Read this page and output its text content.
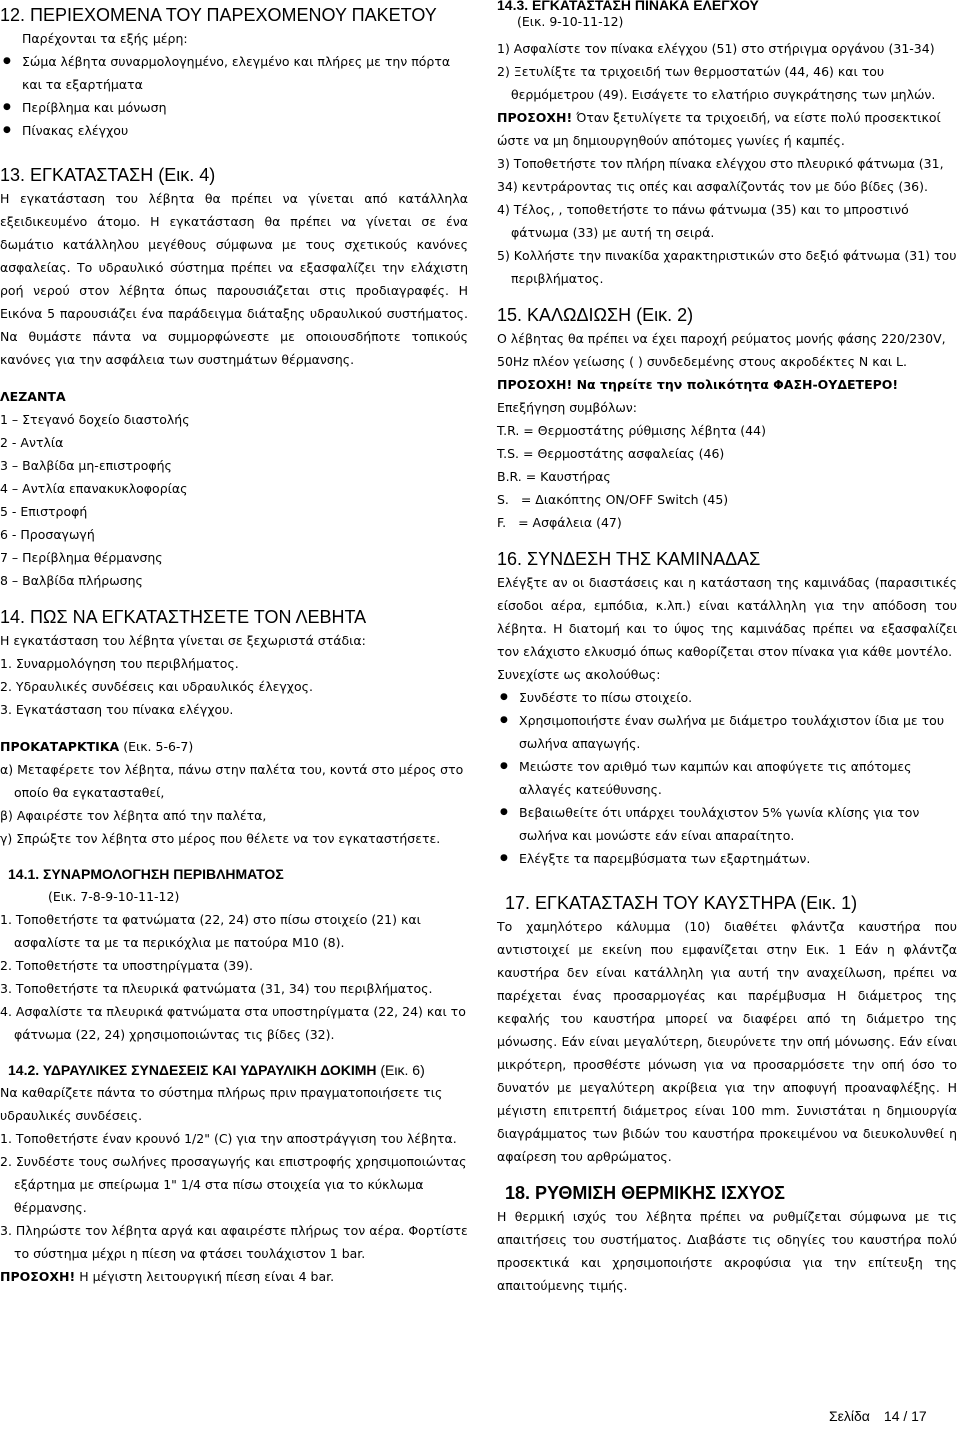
12. ΠΕΡΙΕΧΟΜΕΝΑ ΤΟΥ ΠΑΡΕΧΟΜΕΝΟΥ ΠΑΚΕΤΟΥ

Παρέχονται τα εξής μέρη:

● Σώμα λέβητα συναρμολογημένο, ελεγμένο και πλήρες με την πόρτα και τα εξαρτήματα

● Περίβλημα και μόνωση

● Πίνακας ελέγχου

13. ΕΓΚΑΤΑΣΤΑΣΗ (Εικ. 4)

Η εγκατάσταση του λέβητα θα πρέπει να γίνεται από κατάλληλα εξειδικευμένο άτομο. Η εγκατάσταση θα πρέπει να γίνεται σε ένα δωμάτιο κατάλληλου μεγέθους σύμφωνα με τους σχετικούς κανόνες ασφαλείας. Το υδραυλικό σύστημα πρέπει να εξασφαλίζει την ελάχιστη ροή νερού στον λέβητα όπως παρουσιάζεται στις προδιαγραφές. Η Εικόνα 5 παρουσιάζει ένα παράδειγμα διάταξης υδραυλικού συστήματος. Να θυμάστε πάντα να συμμορφώνεστε με οποιουσδήποτε τοπικούς κανόνες για την ασφάλεια των συστημάτων θέρμανσης.

ΛΕΖΑΝΤΑ

1 – Στεγανό δοχείο διαστολής

2 - Αντλία

3 – Βαλβίδα μη-επιστροφής

4 – Αντλία επανακυκλοφορίας

5 - Επιστροφή

6 - Προσαγωγή

7 – Περίβλημα θέρμανσης

8 – Βαλβίδα πλήρωσης

14. ΠΩΣ ΝΑ ΕΓΚΑΤΑΣΤΗΣΕΤΕ ΤΟΝ ΛΕΒΗΤΑ

Η εγκατάσταση του λέβητα γίνεται σε ξεχωριστά στάδια:

1. Συναρμολόγηση του περιβλήματος.

2. Υδραυλικές συνδέσεις και υδραυλικός έλεγχος.

3. Εγκατάσταση του πίνακα ελέγχου.

ΠΡΟΚΑΤΑΡΚΤΙΚΑ (Εικ. 5-6-7)

α) Μεταφέρετε τον λέβητα, πάνω στην παλέτα του, κοντά στο μέρος στο οποίο θα εγκατασταθεί,

β) Αφαιρέστε τον λέβητα από την παλέτα,

γ) Σπρώξτε τον λέβητα στο μέρος που θέλετε να τον εγκαταστήσετε.

14.1. ΣΥΝΑΡΜΟΛΟΓΗΣΗ ΠΕΡΙΒΛΗΜΑΤΟΣ

(Εικ. 7-8-9-10-11-12)

1. Τοποθετήστε τα φατνώματα (22, 24) στο πίσω στοιχείο (21) και ασφαλίστε τα με τα περικόχλια με πατούρα M10 (8).

2. Τοποθετήστε τα υποστηρίγματα (39).

3. Τοποθετήστε τα πλευρικά φατνώματα (31, 34) του περιβλήματος.

4. Ασφαλίστε τα πλευρικά φατνώματα στα υποστηρίγματα (22, 24) και το φάτνωμα (22, 24) χρησιμοποιώντας τις βίδες (32).

14.2. ΥΔΡΑΥΛΙΚΕΣ ΣΥΝΔΕΣΕΙΣ ΚΑΙ ΥΔΡΑΥΛΙΚΗ ΔΟΚΙΜΗ (Εικ. 6)

Να καθαρίζετε πάντα το σύστημα πλήρως πριν πραγματοποιήσετε τις υδραυλικές συνδέσεις.

1. Τοποθετήστε έναν κρουνό 1/2" (C) για την αποστράγγιση του λέβητα.

2. Συνδέστε τους σωλήνες προσαγωγής και επιστροφής χρησιμοποιώντας εξάρτημα με σπείρωμα 1" 1/4 στα πίσω στοιχεία για το κύκλωμα θέρμανσης.

3. Πληρώστε τον λέβητα αργά και αφαιρέστε πλήρως τον αέρα. Φορτίστε το σύστημα μέχρι η πίεση να φτάσει τουλάχιστον 1 bar.

ΠΡΟΣΟΧΗ! Η μέγιστη λειτουργική πίεση είναι 4 bar.

14.3. ΕΓΚΑΤΑΣΤΑΣΗ ΠΙΝΑΚΑ ΕΛΕΓΧΟΥ

(Εικ. 9-10-11-12)

1) Ασφαλίστε τον πίνακα ελέγχου (51) στο στήριγμα οργάνου (31-34)

2) Ξετυλίξτε τα τριχοειδή των θερμοστατών (44, 46) και του θερμόμετρου (49). Εισάγετε το ελατήριο συγκράτησης των μηλών.

ΠΡΟΣΟΧΗ! Όταν ξετυλίγετε τα τριχοειδή, να είστε πολύ προσεκτικοί ώστε να μη δημιουργηθούν απότομες γωνίες ή καμπές.

3) Τοποθετήστε τον πλήρη πίνακα ελέγχου στο πλευρικό φάτνωμα (31, 34) κεντράροντας τις οπές και ασφαλίζοντάς τον με δύο βίδες (36).

4) Τέλος, , τοποθετήστε το πάνω φάτνωμα (35) και το μπροστινό φάτνωμα (33) με αυτή τη σειρά.

5) Κολλήστε την πινακίδα χαρακτηριστικών στο δεξιό φάτνωμα (31) του περιβλήματος.

15. ΚΑΛΩΔΙΩΣΗ (Εικ. 2)

Ο λέβητας θα πρέπει να έχει παροχή ρεύματος μονής φάσης 220/230V,

50Hz πλέον γείωσης ( ) συνδεδεμένης στους ακροδέκτες N και L.

ΠΡΟΣΟΧΗ! Να τηρείτε την πολικότητα ΦΑΣΗ-ΟΥΔΕΤΕΡΟ!

Επεξήγηση συμβόλων:

T.R. = Θερμοστάτης ρύθμισης λέβητα (44)

T.S. = Θερμοστάτης ασφαλείας (46)

B.R. = Καυστήρας

S.   = Διακόπτης ON/OFF Switch (45)

F.   = Ασφάλεια (47)

16. ΣΥΝΔΕΣΗ ΤΗΣ ΚΑΜΙΝΑΔΑΣ

Ελέγξτε αν οι διαστάσεις και η κατάσταση της καμινάδας (παρασιτικές είσοδοι αέρα, εμπόδια, κ.λπ.) είναι κατάλληλη για την απόδοση του λέβητα. Η διατομή και το ύψος της καμινάδας πρέπει να εξασφαλίζει τον ελάχιστο ελκυσμό όπως καθορίζεται στον πίνακα για κάθε μοντέλο.

Συνεχίστε ως ακολούθως:

● Συνδέστε το πίσω στοιχείο.

● Χρησιμοποιήστε έναν σωλήνα με διάμετρο τουλάχιστον ίδια με του σωλήνα απαγωγής.

● Μειώστε τον αριθμό των καμπών και αποφύγετε τις απότομες αλλαγές κατεύθυνσης.

● Βεβαιωθείτε ότι υπάρχει τουλάχιστον 5% γωνία κλίσης για τον σωλήνα και μονώστε εάν είναι απαραίτητο.

● Ελέγξτε τα παρεμβύσματα των εξαρτημάτων.

17. ΕΓΚΑΤΑΣΤΑΣΗ ΤΟΥ ΚΑΥΣΤΗΡΑ (Εικ. 1)

Το χαμηλότερο κάλυμμα (10) διαθέτει φλάντζα καυστήρα που αντιστοιχεί με εκείνη που εμφανίζεται στην Εικ. 1 Εάν η φλάντζα καυστήρα δεν είναι κατάλληλη για αυτή την αναχείλωση, πρέπει να παρέχεται ένας προσαρμογέας και παρέμβυσμα Η διάμετρος της κεφαλής του καυστήρα μπορεί να διαφέρει από τη διάμετρο της μόνωσης. Εάν είναι μεγαλύτερη, διευρύνετε την οπή μόνωσης. Εάν είναι μικρότερη, προσθέστε μόνωση για να προσαρμόσετε την οπή όσο το δυνατόν με μεγαλύτερη ακρίβεια για την αποφυγή προαναφλέξης. Η μέγιστη επιτρεπτή διάμετρος είναι 100 mm. Συνιστάται η δημιουργία διαγράμματος των βιδών του καυστήρα προκειμένου να διευκολυνθεί η αφαίρεση του αρθρώματος.

18. ΡΥΘΜΙΣΗ ΘΕΡΜΙΚΗΣ ΙΣΧΥΟΣ

Η θερμική ισχύς του λέβητα πρέπει να ρυθμίζεται σύμφωνα με τις απαιτήσεις του συστήματος. Διαβάστε τις οδηγίες του καυστήρα πολύ προσεκτικά και χρησιμοποιήστε ακροφύσια για την επίτευξη της απαιτούμενης τιμής.

Σελίδα 14 / 17
